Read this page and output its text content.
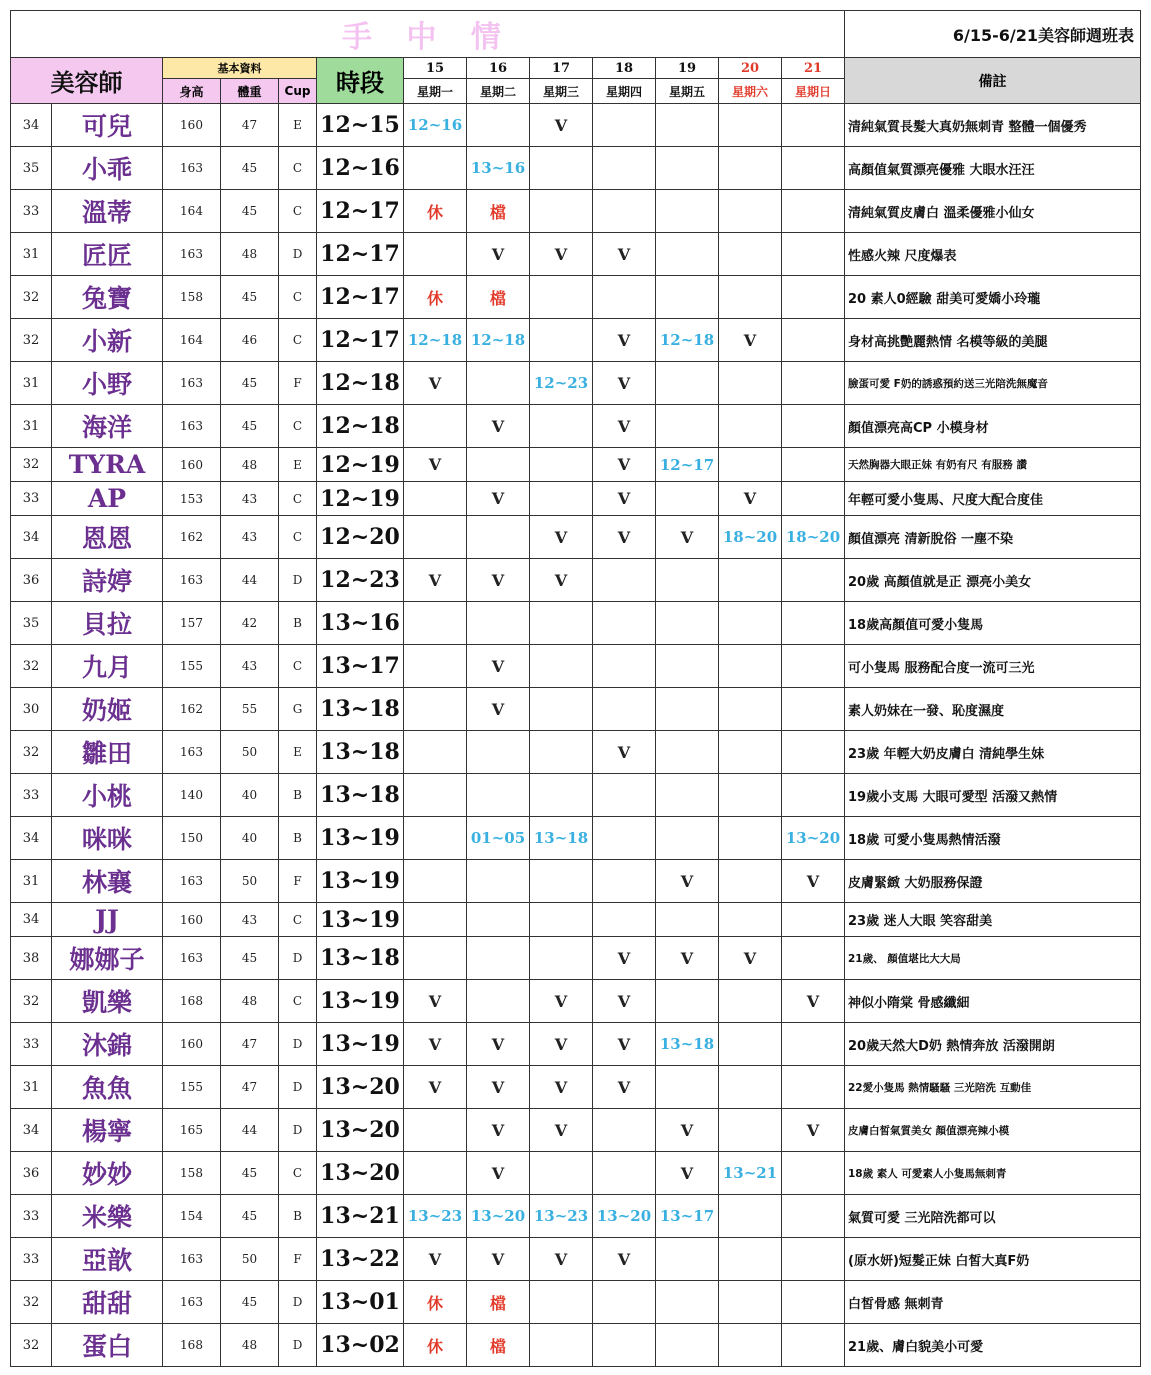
手 中 情													6/15-6/21美容師週班表
美容師		基本資料			時段	15	16	17	18	19	20	21	備註
		身高	體重	Cup		星期一	星期二	星期三	星期四	星期五	星期六	星期日	
34	可兒	160	47	E	12~15	12~16		V					清純氣質長髮大真奶無刺青 整體一個優秀
35	小乖	163	45	C	12~16		13~16						高顏值氣質漂亮優雅 大眼水汪汪
33	溫蒂	164	45	C	12~17	休	檔						清純氣質皮膚白 溫柔優雅小仙女
31	匠匠	163	48	D	12~17		V	V	V				性感火辣 尺度爆表
32	兔寶	158	45	C	12~17	休	檔						20 素人0經驗 甜美可愛嬌小玲瓏
32	小新	164	46	C	12~17	12~18	12~18		V	12~18	V		身材高挑艷麗熱情 名模等級的美腿
31	小野	163	45	F	12~18	V		12~23	V				臉蛋可愛 F奶的誘惑預約送三光陪洗無魔音
31	海洋	163	45	C	12~18		V		V				顏值漂亮高CP 小模身材
32	TYRA	160	48	E	12~19	V			V	12~17			天然胸器大眼正妹 有奶有尺 有服務 讚
33	AP	153	43	C	12~19		V		V		V		年輕可愛小隻馬、尺度大配合度佳
34	恩恩	162	43	C	12~20			V	V	V	18~20	18~20	顏值漂亮 清新脫俗 一塵不染
36	詩婷	163	44	D	12~23	V	V	V					20歲 高顏值就是正 漂亮小美女
35	貝拉	157	42	B	13~16								18歲高顏值可愛小隻馬
32	九月	155	43	C	13~17		V						可小隻馬 服務配合度一流可三光
30	奶姬	162	55	G	13~18		V						素人奶妹在一發、恥度濕度
32	雛田	163	50	E	13~18				V				23歲 年輕大奶皮膚白 清純學生妹
33	小桃	140	40	B	13~18								19歲小支馬 大眼可愛型 活潑又熱情
34	咪咪	150	40	B	13~19		01~05	13~18				13~20	18歲 可愛小隻馬熱情活潑
31	林襄	163	50	F	13~19					V		V	皮膚緊緻 大奶服務保證
34	JJ	160	43	C	13~19								23歲 迷人大眼 笑容甜美
38	娜娜子	163	45	D	13~18				V	V	V		21歲、 顏值堪比大大局
32	凱樂	168	48	C	13~19	V		V	V			V	神似小隋棠 骨感纖細
33	沐錦	160	47	D	13~19	V	V	V	V	13~18			20歲天然大D奶 熱情奔放 活潑開朗
31	魚魚	155	47	D	13~20	V	V	V	V				22愛小隻馬 熱情騷騷 三光陪洗 互動佳
34	楊寧	165	44	D	13~20		V	V		V		V	皮膚白皙氣質美女 顏值漂亮辣小模
36	妙妙	158	45	C	13~20		V			V	13~21		18歲 素人 可愛素人小隻馬無刺青
33	米樂	154	45	B	13~21	13~23	13~20	13~23	13~20	13~17			氣質可愛 三光陪洗都可以
33	亞歆	163	50	F	13~22	V	V	V	V				(原水妍)短髮正妹 白皙大真F奶
32	甜甜	163	45	D	13~01	休	檔						白皙骨感 無刺青
32	蛋白	168	48	D	13~02	休	檔						21歲、膚白貌美小可愛
